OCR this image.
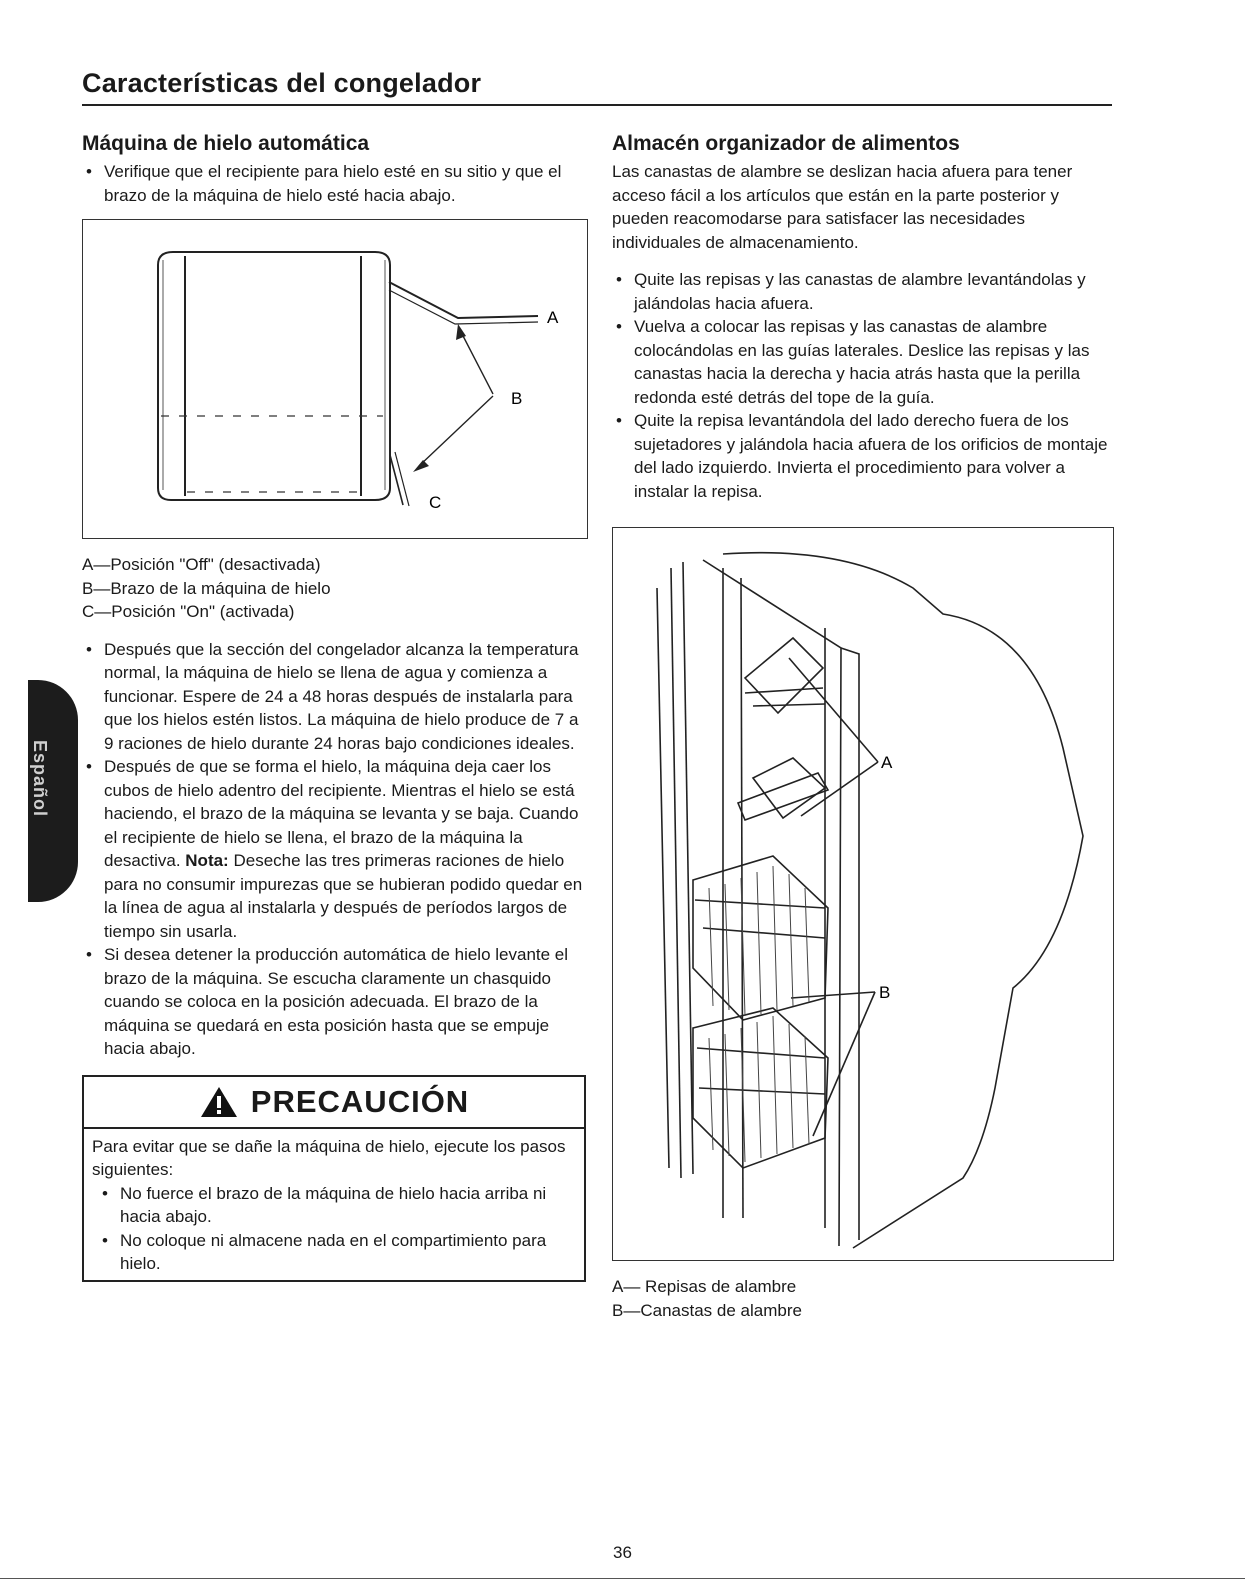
Características del congelador
Máquina de hielo automática
• Verifique que el recipiente para hielo esté en su sitio y que el brazo de la máquina de hielo esté hacia abajo.
A
B
C
A—Posición "Off" (desactivada)
B—Brazo de la máquina de hielo
C—Posición "On" (activada)
• Después que la sección del congelador alcanza la temperatura normal, la máquina de hielo se llena de agua y comienza a funcionar. Espere de 24 a 48 horas después de instalarla para que los hielos estén listos. La máquina de hielo produce de 7 a 9 raciones de hielo durante 24 horas bajo condiciones ideales.
• Después de que se forma el hielo, la máquina deja caer los cubos de hielo adentro del recipiente. Mientras el hielo se está haciendo, el brazo de la máquina se levanta y se baja. Cuando el recipiente de hielo se llena, el brazo de la máquina la desactiva. Nota: Deseche las tres primeras raciones de hielo para no consumir impurezas que se hubieran podido quedar en la línea de agua al instalarla y después de períodos largos de tiempo sin usarla.
• Si desea detener la producción automática de hielo levante el brazo de la máquina. Se escucha claramente un chasquido cuando se coloca en la posición adecuada. El brazo de la máquina se quedará en esta posición hasta que se empuje hacia abajo.
PRECAUCIÓN

Para evitar que se dañe la máquina de hielo, ejecute los pasos siguientes:

• No fuerce el brazo de la máquina de hielo hacia arriba ni hacia abajo.
• No coloque ni almacene nada en el compartimiento para hielo.
Almacén organizador de alimentos

Las canastas de alambre se deslizan hacia afuera para tener acceso fácil a los artículos que están en la parte posterior y pueden reacomodarse para satisfacer las necesidades individuales de almacenamiento.

• Quite las repisas y las canastas de alambre levantándolas y jalándolas hacia afuera.
• Vuelva a colocar las repisas y las canastas de alambre colocándolas en las guías laterales. Deslice las repisas y las canastas hacia la derecha y hacia atrás hasta que la perilla redonda esté detrás del tope de la guía.
• Quite la repisa levantándola del lado derecho fuera de los sujetadores y jalándola hacia afuera de los orificios de montaje del lado izquierdo. Invierta el procedimiento para volver a instalar la repisa.
A
B
A— Repisas de alambre
B—Canastas de alambre
Español
36
